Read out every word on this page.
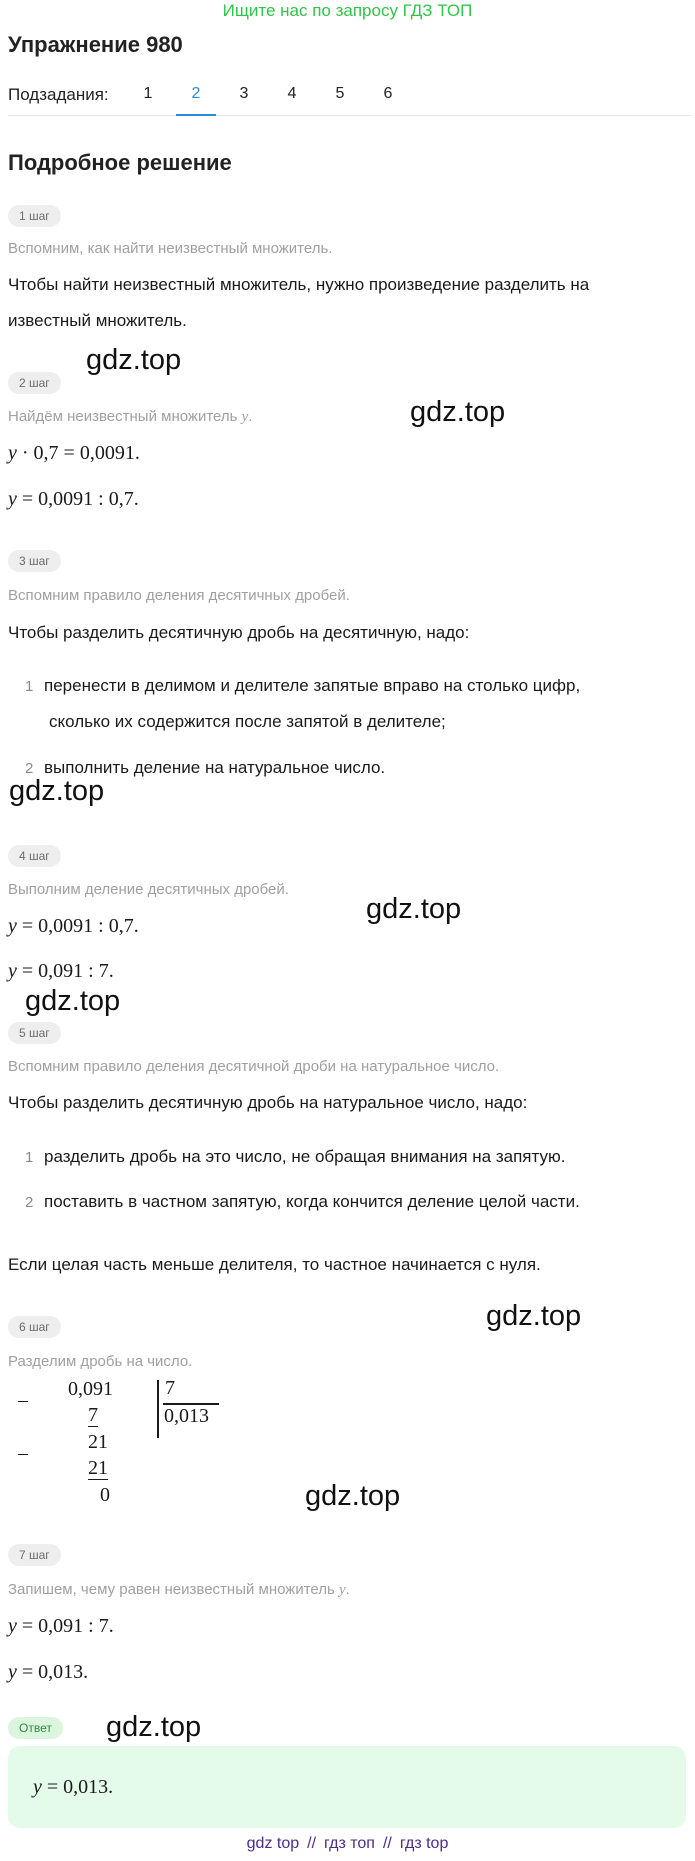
Ищите нас по запросу ГДЗ ТОП
Упражнение 980
Подзадания:	1	2	3	4	5	6
Подробное решение
1 шаг
Вспомним, как найти неизвестный множитель.
Чтобы найти неизвестный множитель, нужно произведение разделить на
известный множитель.
gdz.top
2 шаг
gdz.top
Найдём неизвестный множитель y.
y · 0,7 = 0,0091.
y = 0,0091 : 0,7.
3 шаг
Вспомним правило деления десятичных дробей.
Чтобы разделить десятичную дробь на десятичную, надо:
1 перенести в делимом и делителе запятые вправо на столько цифр,
сколько их содержится после запятой в делителе;
2 выполнить деление на натуральное число.
gdz.top
4 шаг
Выполним деление десятичных дробей.
gdz.top
y = 0,0091 : 0,7.
y = 0,091 : 7.
gdz.top
5 шаг
Вспомним правило деления десятичной дроби на натуральное число.
Чтобы разделить десятичную дробь на натуральное число, надо:
1 разделить дробь на это число, не обращая внимания на запятую.
2 поставить в частном запятую, когда кончится деление целой части.
Если целая часть меньше делителя, то частное начинается с нуля.
gdz.top
6 шаг
Разделим дробь на число.
– 0,091
7
7
0,013
–	21
21
0	gdz.top
7 шаг
Запишем, чему равен неизвестный множитель y.
y = 0,091 : 7.
y = 0,013.
Ответ	gdz.top
y = 0,013.
gdz top // гдз топ // гдз top
